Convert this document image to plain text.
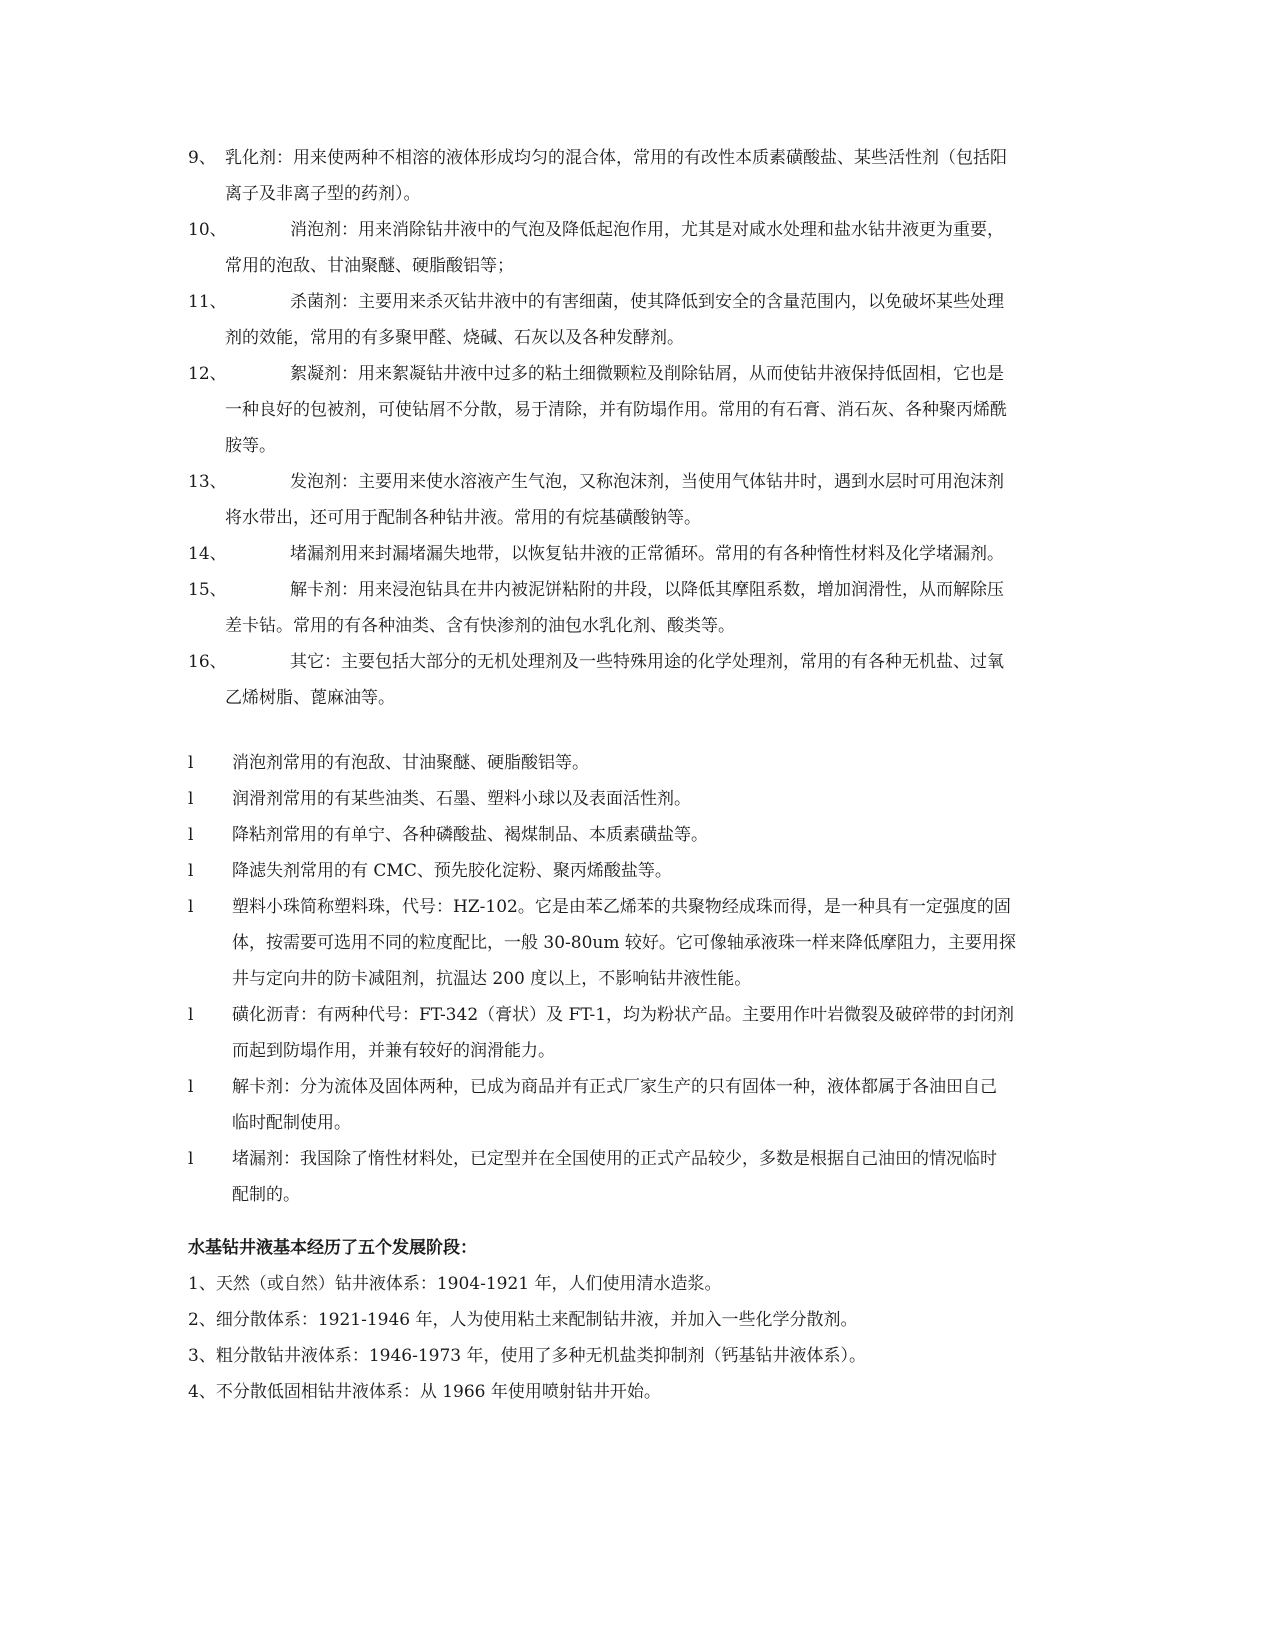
9、 乳化剂：用来使两种不相溶的液体形成均匀的混合体，常用的有改性本质素磺酸盐、某些活性剂（包括阳
离子及非离子型的药剂）。
10、	消泡剂：用来消除钻井液中的气泡及降低起泡作用，尤其是对咸水处理和盐水钻井液更为重要，
常用的泡敌、甘油聚醚、硬脂酸铝等；
11、	杀菌剂：主要用来杀灭钻井液中的有害细菌，使其降低到安全的含量范围内，以免破坏某些处理
剂的效能，常用的有多聚甲醛、烧碱、石灰以及各种发酵剂。
12、	絮凝剂：用来絮凝钻井液中过多的粘土细微颗粒及削除钻屑，从而使钻井液保持低固相，它也是
一种良好的包被剂，可使钻屑不分散，易于清除，并有防塌作用。常用的有石膏、消石灰、各种聚丙烯酰
胺等。
13、	发泡剂：主要用来使水溶液产生气泡，又称泡沫剂，当使用气体钻井时，遇到水层时可用泡沫剂
将水带出，还可用于配制各种钻井液。常用的有烷基磺酸钠等。
14、	堵漏剂用来封漏堵漏失地带，以恢复钻井液的正常循环。常用的有各种惰性材料及化学堵漏剂。
15、	解卡剂：用来浸泡钻具在井内被泥饼粘附的井段，以降低其摩阻系数，增加润滑性，从而解除压
差卡钻。常用的有各种油类、含有快渗剂的油包水乳化剂、酸类等。
16、	其它：主要包括大部分的无机处理剂及一些特殊用途的化学处理剂，常用的有各种无机盐、过氧
乙烯树脂、蓖麻油等。
l	消泡剂常用的有泡敌、甘油聚醚、硬脂酸铝等。
l	润滑剂常用的有某些油类、石墨、塑料小球以及表面活性剂。
l	降粘剂常用的有单宁、各种磷酸盐、褐煤制品、本质素磺盐等。
l	降滤失剂常用的有 CMC、预先胶化淀粉、聚丙烯酸盐等。
l	塑料小珠简称塑料珠，代号：HZ-102。它是由苯乙烯苯的共聚物经成珠而得，是一种具有一定强度的固
体，按需要可选用不同的粒度配比，一般 30-80um 较好。它可像轴承液珠一样来降低摩阻力，主要用探
井与定向井的防卡减阻剂，抗温达 200 度以上，不影响钻井液性能。
l	磺化沥青：有两种代号：FT-342（膏状）及 FT-1，均为粉状产品。主要用作叶岩微裂及破碎带的封闭剂
而起到防塌作用，并兼有较好的润滑能力。
l	解卡剂：分为流体及固体两种，已成为商品并有正式厂家生产的只有固体一种，液体都属于各油田自己
临时配制使用。
l	堵漏剂：我国除了惰性材料处，已定型并在全国使用的正式产品较少，多数是根据自己油田的情况临时
配制的。
水基钻井液基本经历了五个发展阶段：
1、天然（或自然）钻井液体系：1904-1921 年，人们使用清水造浆。
2、细分散体系：1921-1946 年，人为使用粘土来配制钻井液，并加入一些化学分散剂。
3、粗分散钻井液体系：1946-1973 年，使用了多种无机盐类抑制剂（钙基钻井液体系）。
4、不分散低固相钻井液体系：从 1966 年使用喷射钻井开始。
